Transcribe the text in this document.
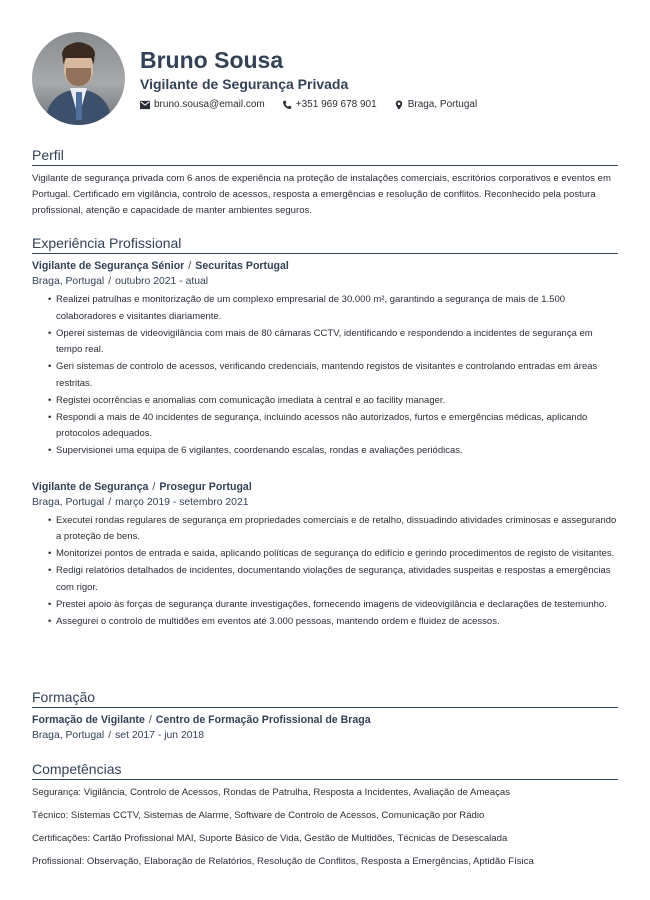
Bruno Sousa
Vigilante de Segurança Privada
bruno.sousa@email.com	+351 969 678 901	Braga, Portugal
Perfil
Vigilante de segurança privada com 6 anos de experiência na proteção de instalações comerciais, escritórios corporativos e eventos em Portugal. Certificado em vigilância, controlo de acessos, resposta a emergências e resolução de conflitos. Reconhecido pela postura profissional, atenção e capacidade de manter ambientes seguros.
Experiência Profissional
Vigilante de Segurança Sénior / Securitas Portugal
Braga, Portugal / outubro 2021 - atual
• Realizei patrulhas e monitorização de um complexo empresarial de 30.000 m², garantindo a segurança de mais de 1.500 colaboradores e visitantes diariamente.
• Operei sistemas de videovigilância com mais de 80 câmaras CCTV, identificando e respondendo a incidentes de segurança em tempo real.
• Geri sistemas de controlo de acessos, verificando credenciais, mantendo registos de visitantes e controlando entradas em áreas restritas.
• Registei ocorrências e anomalias com comunicação imediata à central e ao facility manager.
• Respondi a mais de 40 incidentes de segurança, incluindo acessos não autorizados, furtos e emergências médicas, aplicando protocolos adequados.
• Supervisionei uma equipa de 6 vigilantes, coordenando escalas, rondas e avaliações periódicas.
Vigilante de Segurança / Prosegur Portugal
Braga, Portugal / março 2019 - setembro 2021
• Executei rondas regulares de segurança em propriedades comerciais e de retalho, dissuadindo atividades criminosas e assegurando a proteção de bens.
• Monitorizei pontos de entrada e saída, aplicando políticas de segurança do edifício e gerindo procedimentos de registo de visitantes.
• Redigi relatórios detalhados de incidentes, documentando violações de segurança, atividades suspeitas e respostas a emergências com rigor.
• Prestei apoio às forças de segurança durante investigações, fornecendo imagens de videovigilância e declarações de testemunho.
• Assegurei o controlo de multidões em eventos até 3.000 pessoas, mantendo ordem e fluidez de acessos.
Formação
Formação de Vigilante / Centro de Formação Profissional de Braga
Braga, Portugal / set 2017 - jun 2018
Competências
Segurança: Vigilância, Controlo de Acessos, Rondas de Patrulha, Resposta a Incidentes, Avaliação de Ameaças
Técnico: Sistemas CCTV, Sistemas de Alarme, Software de Controlo de Acessos, Comunicação por Rádio
Certificações: Cartão Profissional MAI, Suporte Básico de Vida, Gestão de Multidões, Técnicas de Desescalada
Profissional: Observação, Elaboração de Relatórios, Resolução de Conflitos, Resposta a Emergências, Aptidão Física
